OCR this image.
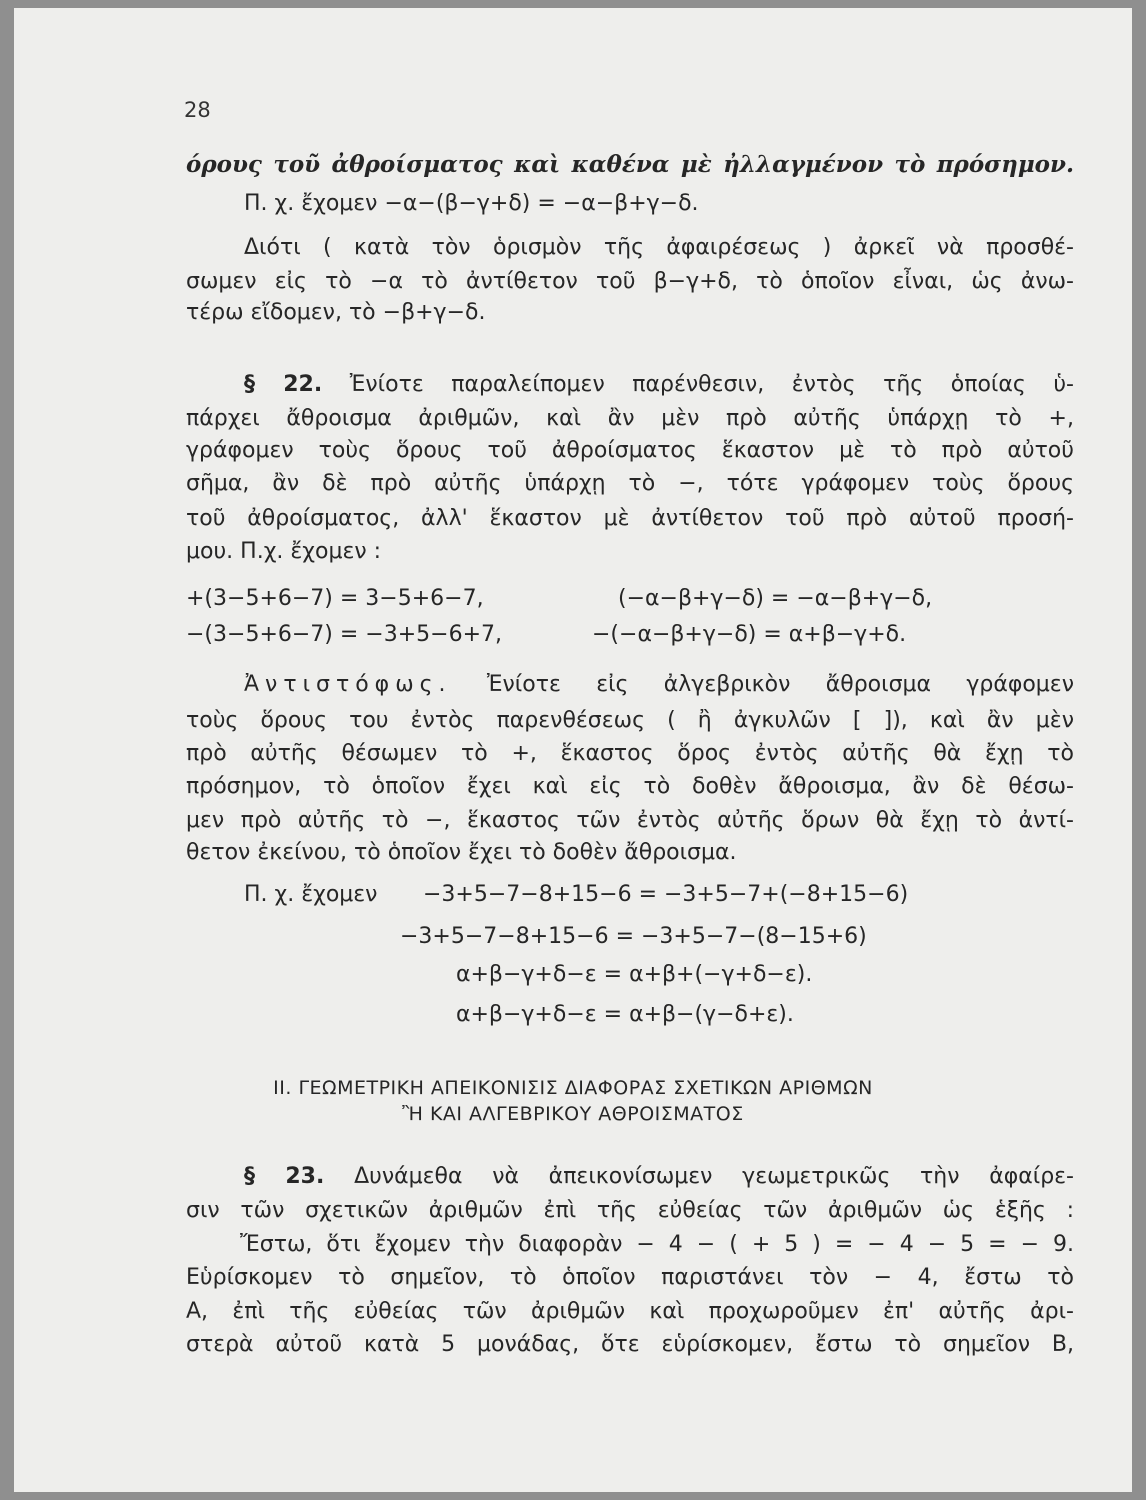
28
όρους τοῦ ἀθροίσματος καὶ καθένα μὲ ἠλλαγμένον τὸ πρόσημον.
Π. χ. ἔχομεν −α−(β−γ+δ) = −α−β+γ−δ.
Διότι ( κατὰ τὸν ὁρισμὸν τῆς ἀφαιρέσεως ) ἀρκεῖ νὰ προσθέ-
σωμεν εἰς τὸ −α τὸ ἀντίθετον τοῦ β−γ+δ, τὸ ὁποῖον εἶναι, ὡς ἀνω-
τέρω εἴδομεν, τὸ −β+γ−δ.
§ 22. Ἐνίοτε παραλείπομεν παρένθεσιν, ἐντὸς τῆς ὁποίας ὑ-
πάρχει ἄθροισμα ἀριθμῶν, καὶ ἂν μὲν πρὸ αὐτῆς ὑπάρχῃ τὸ +,
γράφομεν τοὺς ὅρους τοῦ ἀθροίσματος ἕκαστον μὲ τὸ πρὸ αὐτοῦ
σῆμα, ἂν δὲ πρὸ αὐτῆς ὑπάρχῃ τὸ −, τότε γράφομεν τοὺς ὅρους
τοῦ ἀθροίσματος, ἀλλ' ἕκαστον μὲ ἀντίθετον τοῦ πρὸ αὐτοῦ προσή-
μου. Π.χ. ἔχομεν :
+(3−5+6−7) = 3−5+6−7,	(−α−β+γ−δ) = −α−β+γ−δ,
−(3−5+6−7) = −3+5−6+7,	−(−α−β+γ−δ) = α+β−γ+δ.
Ἀντιστόφως. Ἐνίοτε εἰς ἀλγεβρικὸν ἄθροισμα γράφομεν
τοὺς ὅρους του ἐντὸς παρενθέσεως ( ἢ ἀγκυλῶν [ ]), καὶ ἂν μὲν
πρὸ αὐτῆς θέσωμεν τὸ +, ἕκαστος ὅρος ἐντὸς αὐτῆς θὰ ἔχῃ τὸ
πρόσημον, τὸ ὁποῖον ἔχει καὶ εἰς τὸ δοθὲν ἄθροισμα, ἂν δὲ θέσω-
μεν πρὸ αὐτῆς τὸ −, ἕκαστος τῶν ἐντὸς αὐτῆς ὅρων θὰ ἔχῃ τὸ ἀντί-
θετον ἐκείνου, τὸ ὁποῖον ἔχει τὸ δοθὲν ἄθροισμα.
Π. χ. ἔχομεν −3+5−7−8+15−6 = −3+5−7+(−8+15−6)
−3+5−7−8+15−6 = −3+5−7−(8−15+6)
α+β−γ+δ−ε = α+β+(−γ+δ−ε).
α+β−γ+δ−ε = α+β−(γ−δ+ε).
II. ΓΕΩΜΕΤΡΙΚΗ ΑΠΕΙΚΟΝΙΣΙΣ ΔΙΑΦΟΡΑΣ ΣΧΕΤΙΚΩΝ ΑΡΙΘΜΩΝ
Ἢ ΚΑΙ ΑΛΓΕΒΡΙΚΟΥ ΑΘΡΟΙΣΜΑΤΟΣ
§ 23. Δυνάμεθα νὰ ἀπεικονίσωμεν γεωμετρικῶς τὴν ἀφαίρε-
σιν τῶν σχετικῶν ἀριθμῶν ἐπὶ τῆς εὐθείας τῶν ἀριθμῶν ὡς ἑξῆς :
Ἔστω, ὅτι ἔχομεν τὴν διαφορὰν − 4 − ( + 5 ) = − 4 − 5 = − 9.
Εὑρίσκομεν τὸ σημεῖον, τὸ ὁποῖον παριστάνει τὸν − 4, ἔστω τὸ
Α, ἐπὶ τῆς εὐθείας τῶν ἀριθμῶν καὶ προχωροῦμεν ἐπ' αὐτῆς ἀρι-
στερὰ αὐτοῦ κατὰ 5 μονάδας, ὅτε εὑρίσκομεν, ἔστω τὸ σημεῖον Β,
